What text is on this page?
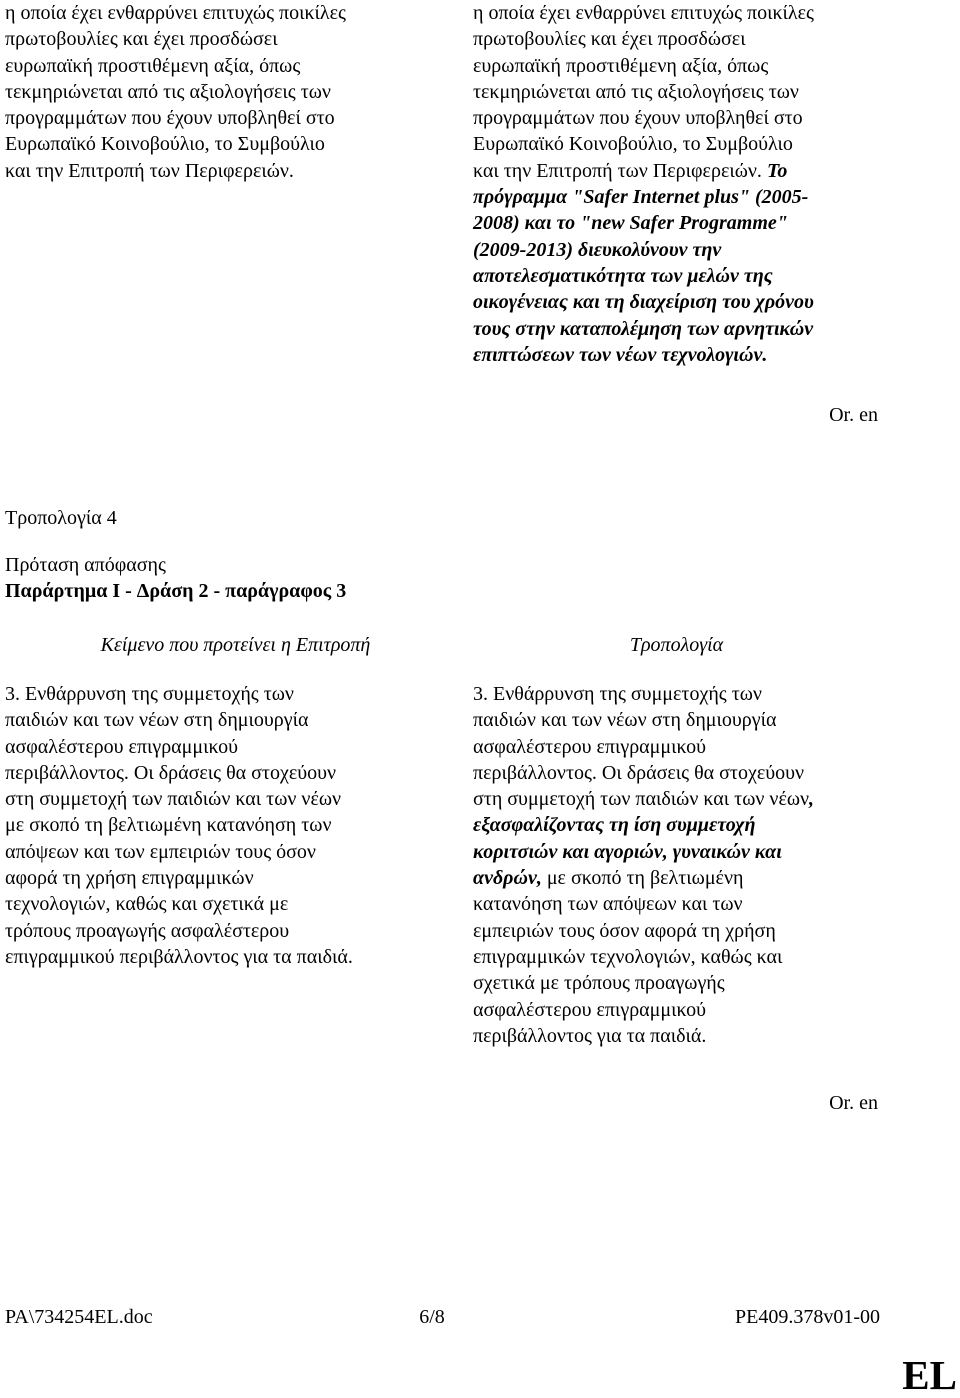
η οποία έχει ενθαρρύνει επιτυχώς ποικίλες
πρωτοβουλίες και έχει προσδώσει
ευρωπαϊκή προστιθέμενη αξία, όπως
τεκμηριώνεται από τις αξιολογήσεις των
προγραμμάτων που έχουν υποβληθεί στο
Ευρωπαϊκό Κοινοβούλιο, το Συμβούλιο
και την Επιτροπή των Περιφερειών.
η οποία έχει ενθαρρύνει επιτυχώς ποικίλες
πρωτοβουλίες και έχει προσδώσει
ευρωπαϊκή προστιθέμενη αξία, όπως
τεκμηριώνεται από τις αξιολογήσεις των
προγραμμάτων που έχουν υποβληθεί στο
Ευρωπαϊκό Κοινοβούλιο, το Συμβούλιο
και την Επιτροπή των Περιφερειών. Το
πρόγραμμα "Safer Internet plus" (2005-
2008) και το "new Safer Programme"
(2009-2013) διευκολύνουν την
αποτελεσματικότητα των μελών της
οικογένειας και τη διαχείριση του χρόνου
τους στην καταπολέμηση των αρνητικών
επιπτώσεων των νέων τεχνολογιών.
Or. en
Τροπολογία 4
Πρόταση απόφασης
Παράρτημα I - Δράση 2 - παράγραφος 3
Κείμενο που προτείνει η Επιτροπή	Τροπολογία
3. Ενθάρρυνση της συμμετοχής των
παιδιών και των νέων στη δημιουργία
ασφαλέστερου επιγραμμικού
περιβάλλοντος. Οι δράσεις θα στοχεύουν
στη συμμετοχή των παιδιών και των νέων
με σκοπό τη βελτιωμένη κατανόηση των
απόψεων και των εμπειριών τους όσον
αφορά τη χρήση επιγραμμικών
τεχνολογιών, καθώς και σχετικά με
τρόπους προαγωγής ασφαλέστερου
επιγραμμικού περιβάλλοντος για τα παιδιά.
3. Ενθάρρυνση της συμμετοχής των
παιδιών και των νέων στη δημιουργία
ασφαλέστερου επιγραμμικού
περιβάλλοντος. Οι δράσεις θα στοχεύουν
στη συμμετοχή των παιδιών και των νέων,
εξασφαλίζοντας τη ίση συμμετοχή
κοριτσιών και αγοριών, γυναικών και
ανδρών, με σκοπό τη βελτιωμένη
κατανόηση των απόψεων και των
εμπειριών τους όσον αφορά τη χρήση
επιγραμμικών τεχνολογιών, καθώς και
σχετικά με τρόπους προαγωγής
ασφαλέστερου επιγραμμικού
περιβάλλοντος για τα παιδιά.
Or. en
PA\734254EL.doc	6/8	PE409.378v01-00
EL
